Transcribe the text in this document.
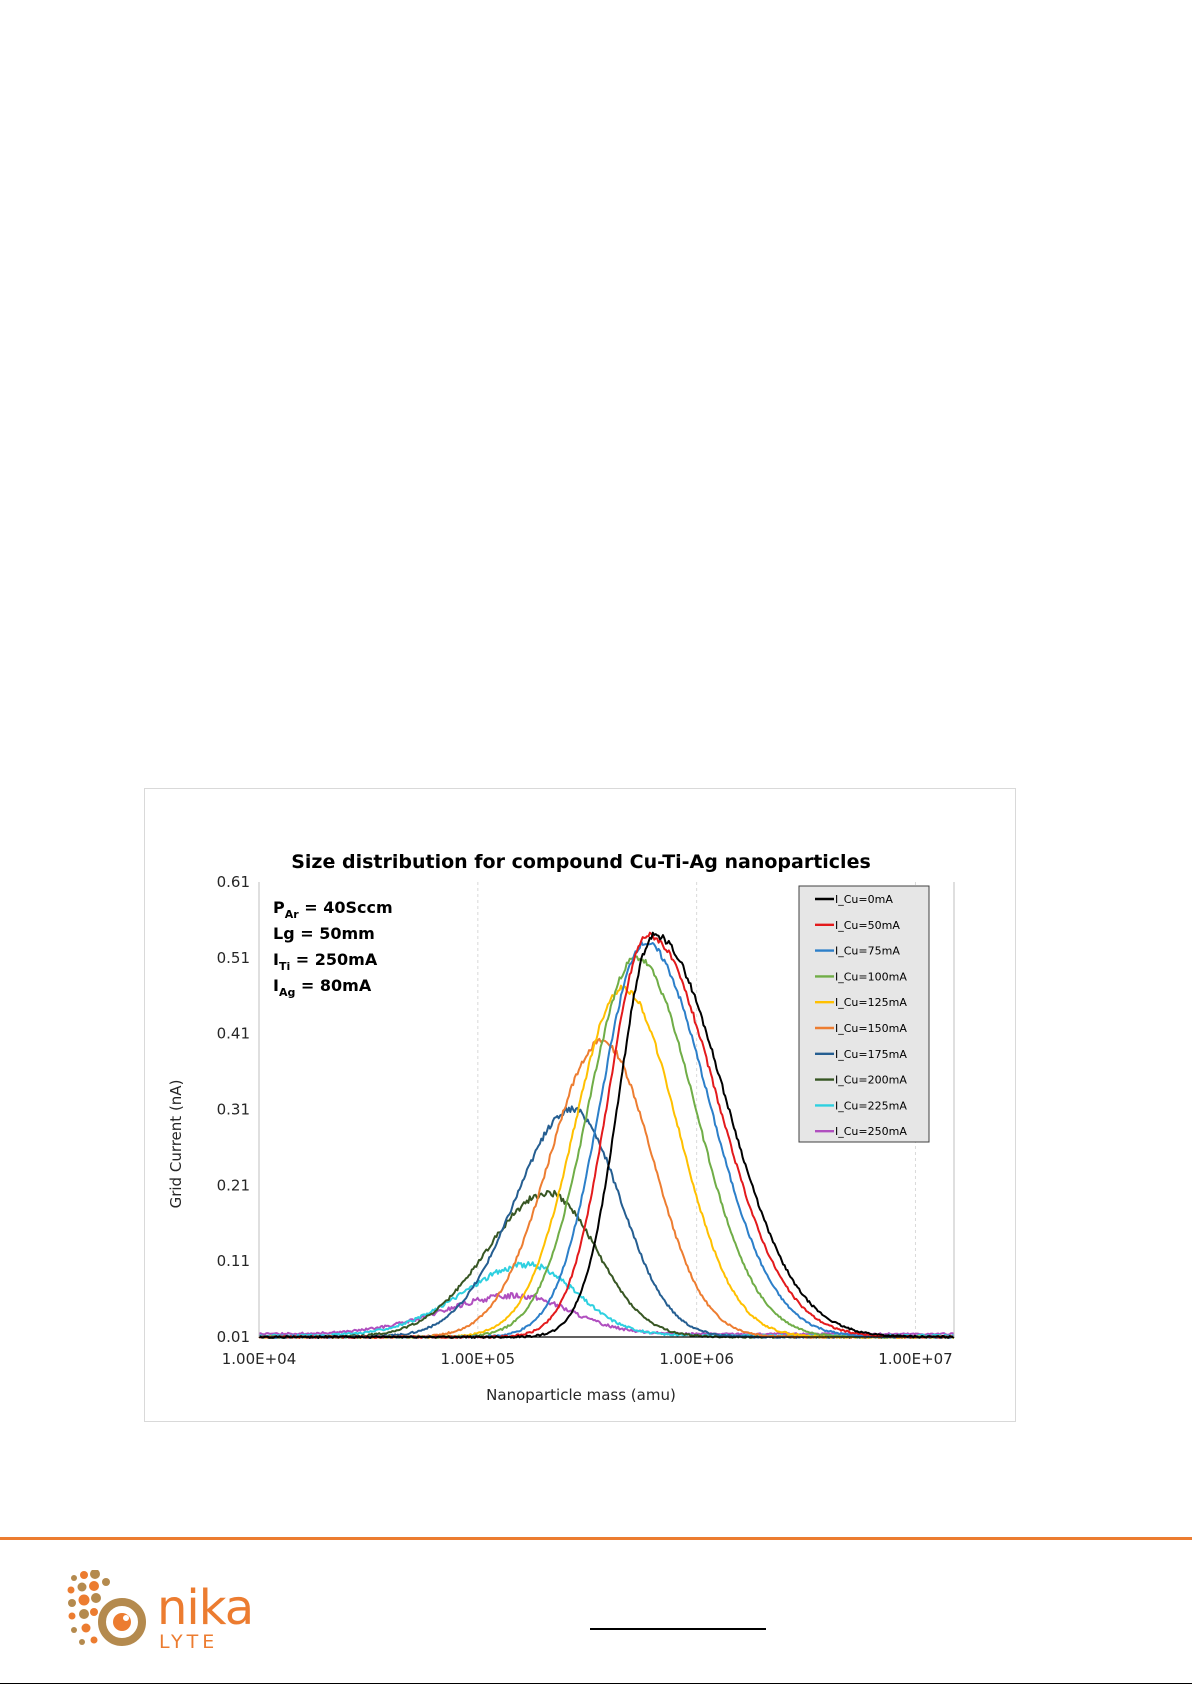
Size distribution for compound Cu-Ti-Ag nanoparticles
1.00E+04	1.00E+05	1.00E+06	1.00E+07
0.01
0.11
0.21
0.31
0.41
0.51
0.61
$P_{Ar}$ = 40Sccm
Lg = 50mm
$I_{Ti} = 250mA$
$I_{Ag} = 80mA$
I_Cu=0mA
I_Cu=50mA
I_Cu=75mA
I_Cu=100mA
I_Cu=125mA
I_Cu=150mA
I_Cu=175mA
I_Cu=200mA
I_Cu=225mA
I_Cu=250mA
Nanoparticle mass (amu)
Grid Current (nA)
nika
LYTE
